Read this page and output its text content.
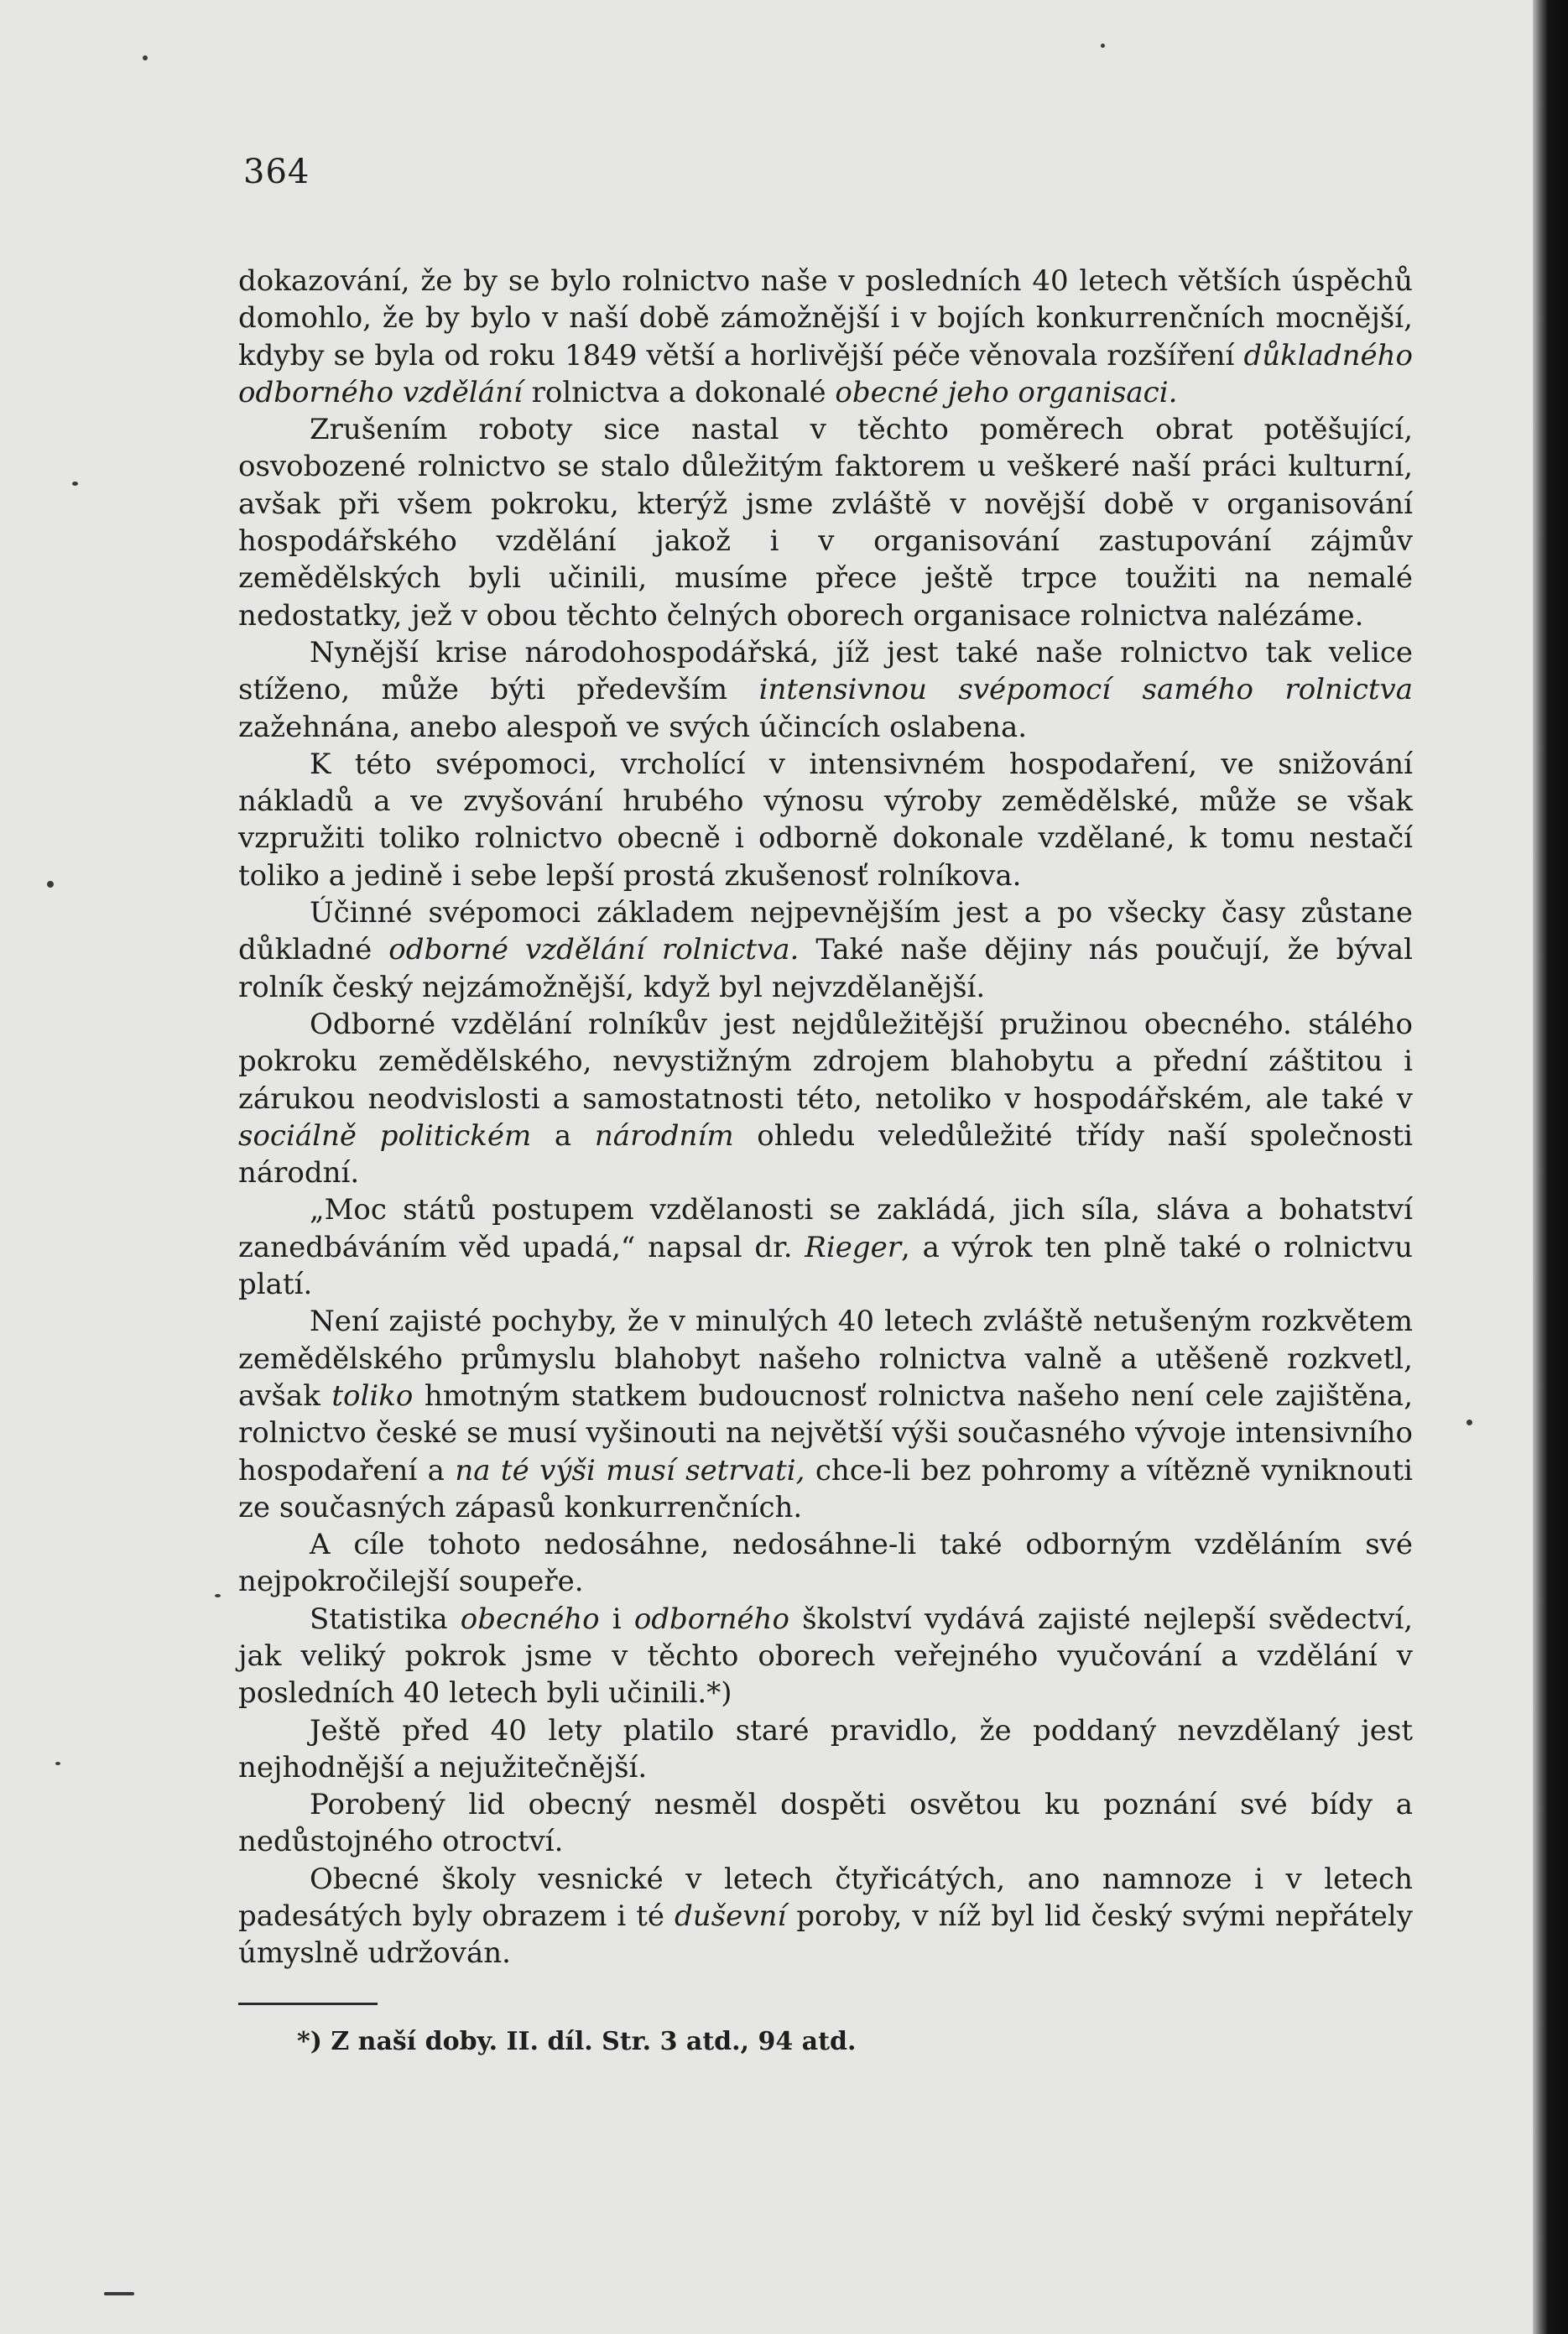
364

dokazování, že by se bylo rolnictvo naše v posledních 40 letech větších úspěchů domohlo, že by bylo v naší době zámožnější i v bojích konkurrenčních mocnější, kdyby se byla od roku 1849 větší a horlivější péče věnovala rozšíření důkladného odborného vzdělání rolnictva a dokonalé obecné jeho organisaci.

Zrušením roboty sice nastal v těchto poměrech obrat potěšující, osvobozené rolnictvo se stalo důležitým faktorem u veškeré naší práci kulturní, avšak při všem pokroku, kterýž jsme zvláště v novější době v organisování hospodářského vzdělání jakož i v organisování zastupování zájmův zemědělských byli učinili, musíme přece ještě trpce toužiti na nemalé nedostatky, jež v obou těchto čelných oborech organisace rolnictva nalézáme.

Nynější krise národohospodářská, jíž jest také naše rolnictvo tak velice stíženo, může býti především intensivnou svépomocí samého rolnictva zažehnána, anebo alespoň ve svých účincích oslabena.

K této svépomoci, vrcholící v intensivném hospodaření, ve snižování nákladů a ve zvyšování hrubého výnosu výroby zemědělské, může se však vzpružiti toliko rolnictvo obecně i odborně dokonale vzdělané, k tomu nestačí toliko a jedině i sebe lepší prostá zkušenosť rolníkova.

Účinné svépomoci základem nejpevnějším jest a po všecky časy zůstane důkladné odborné vzdělání rolnictva. Také naše dějiny nás poučují, že býval rolník český nejzámožnější, když byl nejvzdělanější.

Odborné vzdělání rolníkův jest nejdůležitější pružinou obecného. stálého pokroku zemědělského, nevystižným zdrojem blahobytu a přední záštitou i zárukou neodvislosti a samostatnosti této, netoliko v hospodářském, ale také v sociálně politickém a národním ohledu veledůležité třídy naší společnosti národní.

„Moc států postupem vzdělanosti se zakládá, jich síla, sláva a bohatství zanedbáváním věd upadá,“ napsal dr. Rieger, a výrok ten plně také o rolnictvu platí.

Není zajisté pochyby, že v minulých 40 letech zvláště netušeným rozkvětem zemědělského průmyslu blahobyt našeho rolnictva valně a utěšeně rozkvetl, avšak toliko hmotným statkem budoucnosť rolnictva našeho není cele zajištěna, rolnictvo české se musí vyšinouti na největší výši současného vývoje intensivního hospodaření a na té výši musí setrvati, chce-li bez pohromy a vítězně vyniknouti ze současných zápasů konkurrenčních.

A cíle tohoto nedosáhne, nedosáhne-li také odborným vzděláním své nejpokročilejší soupeře.

Statistika obecného i odborného školství vydává zajisté nejlepší svědectví, jak veliký pokrok jsme v těchto oborech veřejného vyučování a vzdělání v posledních 40 letech byli učinili.*)

Ještě před 40 lety platilo staré pravidlo, že poddaný nevzdělaný jest nejhodnější a nejužitečnější.

Porobený lid obecný nesměl dospěti osvětou ku poznání své bídy a nedůstojného otroctví.

Obecné školy vesnické v letech čtyřicátých, ano namnoze i v letech padesátých byly obrazem i té duševní poroby, v níž byl lid český svými nepřátely úmyslně udržován.

*) Z naší doby. II. díl. Str. 3 atd., 94 atd.
